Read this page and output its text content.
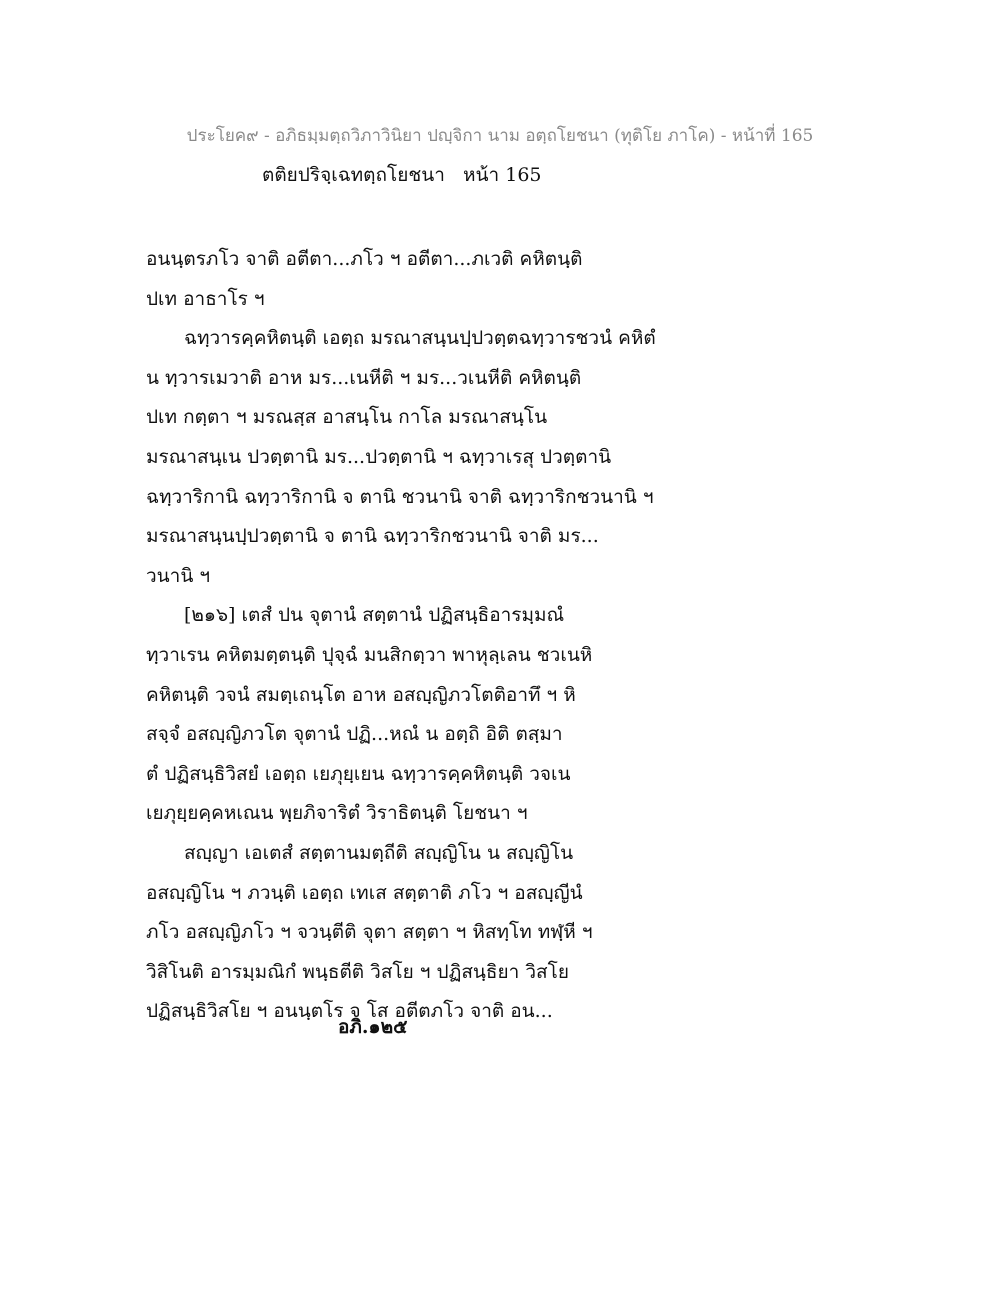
ประโยค๙ - อภิธมฺมตฺถวิภาวินิยา ปญฺจิกา นาม อตฺถโยชนา (ทุติโย ภาโค) - หน้าที่ 165
ตติยปริจฺเฉทตฺถโยชนา หน้า 165
อนนฺตรภโว จาติ อตีตา...ภโว ฯ อตีตา...ภเวติ คหิตนฺติ
ปเท อาธาโร ฯ
ฉทฺวารคฺคหิตนฺติ เอตฺถ มรณาสนฺนปฺปวตฺตฉทฺวารชวนํ คหิตํ
น ทฺวารเมวาติ อาห มร...เนหีติ ฯ มร...วเนหีติ คหิตนฺติ
ปเท กตฺตา ฯ มรณสฺส อาสนฺโน กาโล มรณาสนฺโน
มรณาสนฺเน ปวตฺตานิ มร...ปวตฺตานิ ฯ ฉทฺวาเรสุ ปวตฺตานิ
ฉทฺวาริกานิ ฉทฺวาริกานิ จ ตานิ ชวนานิ จาติ ฉทฺวาริกชวนานิ ฯ
มรณาสนฺนปฺปวตฺตานิ จ ตานิ ฉทฺวาริกชวนานิ จาติ มร...
วนานิ ฯ
[๒๑๖] เตสํ ปน จุตานํ สตฺตานํ ปฏิสนฺธิอารมฺมณํ
ทฺวาเรน คหิตมตฺตนฺติ ปุจฺฉํ มนสิกตฺวา พาหุลฺเลน ชวเนหิ
คหิตนฺติ วจนํ สมตฺเถนฺโต อาห อสญฺญิภวโตติอาทึ ฯ หิ
สจฺจํ อสญฺญิภวโต จุตานํ ปฏิ...หณํ น อตฺถิ อิติ ตสฺมา
ตํ ปฏิสนฺธิวิสยํ เอตฺถ เยภุยฺเยน ฉทฺวารคฺคหิตนฺติ วจเน
เยภุยฺยคฺคหเณน พฺยภิจาริตํ วิราธิตนฺติ โยชนา ฯ
สญฺญา เอเตสํ สตฺตานมตฺถีติ สญฺญิโน น สญฺญิโน
อสญฺญิโน ฯ ภวนฺติ เอตฺถ เทเส สตฺตาติ ภโว ฯ อสญฺญีนํ
ภโว อสญฺญิภโว ฯ จวนฺตีติ จุตา สตฺตา ฯ หิสทฺโท ทฬฺหี ฯ
วิสิโนติ อารมฺมณิกํ พนฺธตีติ วิสโย ฯ ปฏิสนฺธิยา วิสโย
ปฏิสนฺธิวิสโย ฯ อนนฺตโร จ โส อตีตภโว จาติ อน...
อภิ.๑๒๕
